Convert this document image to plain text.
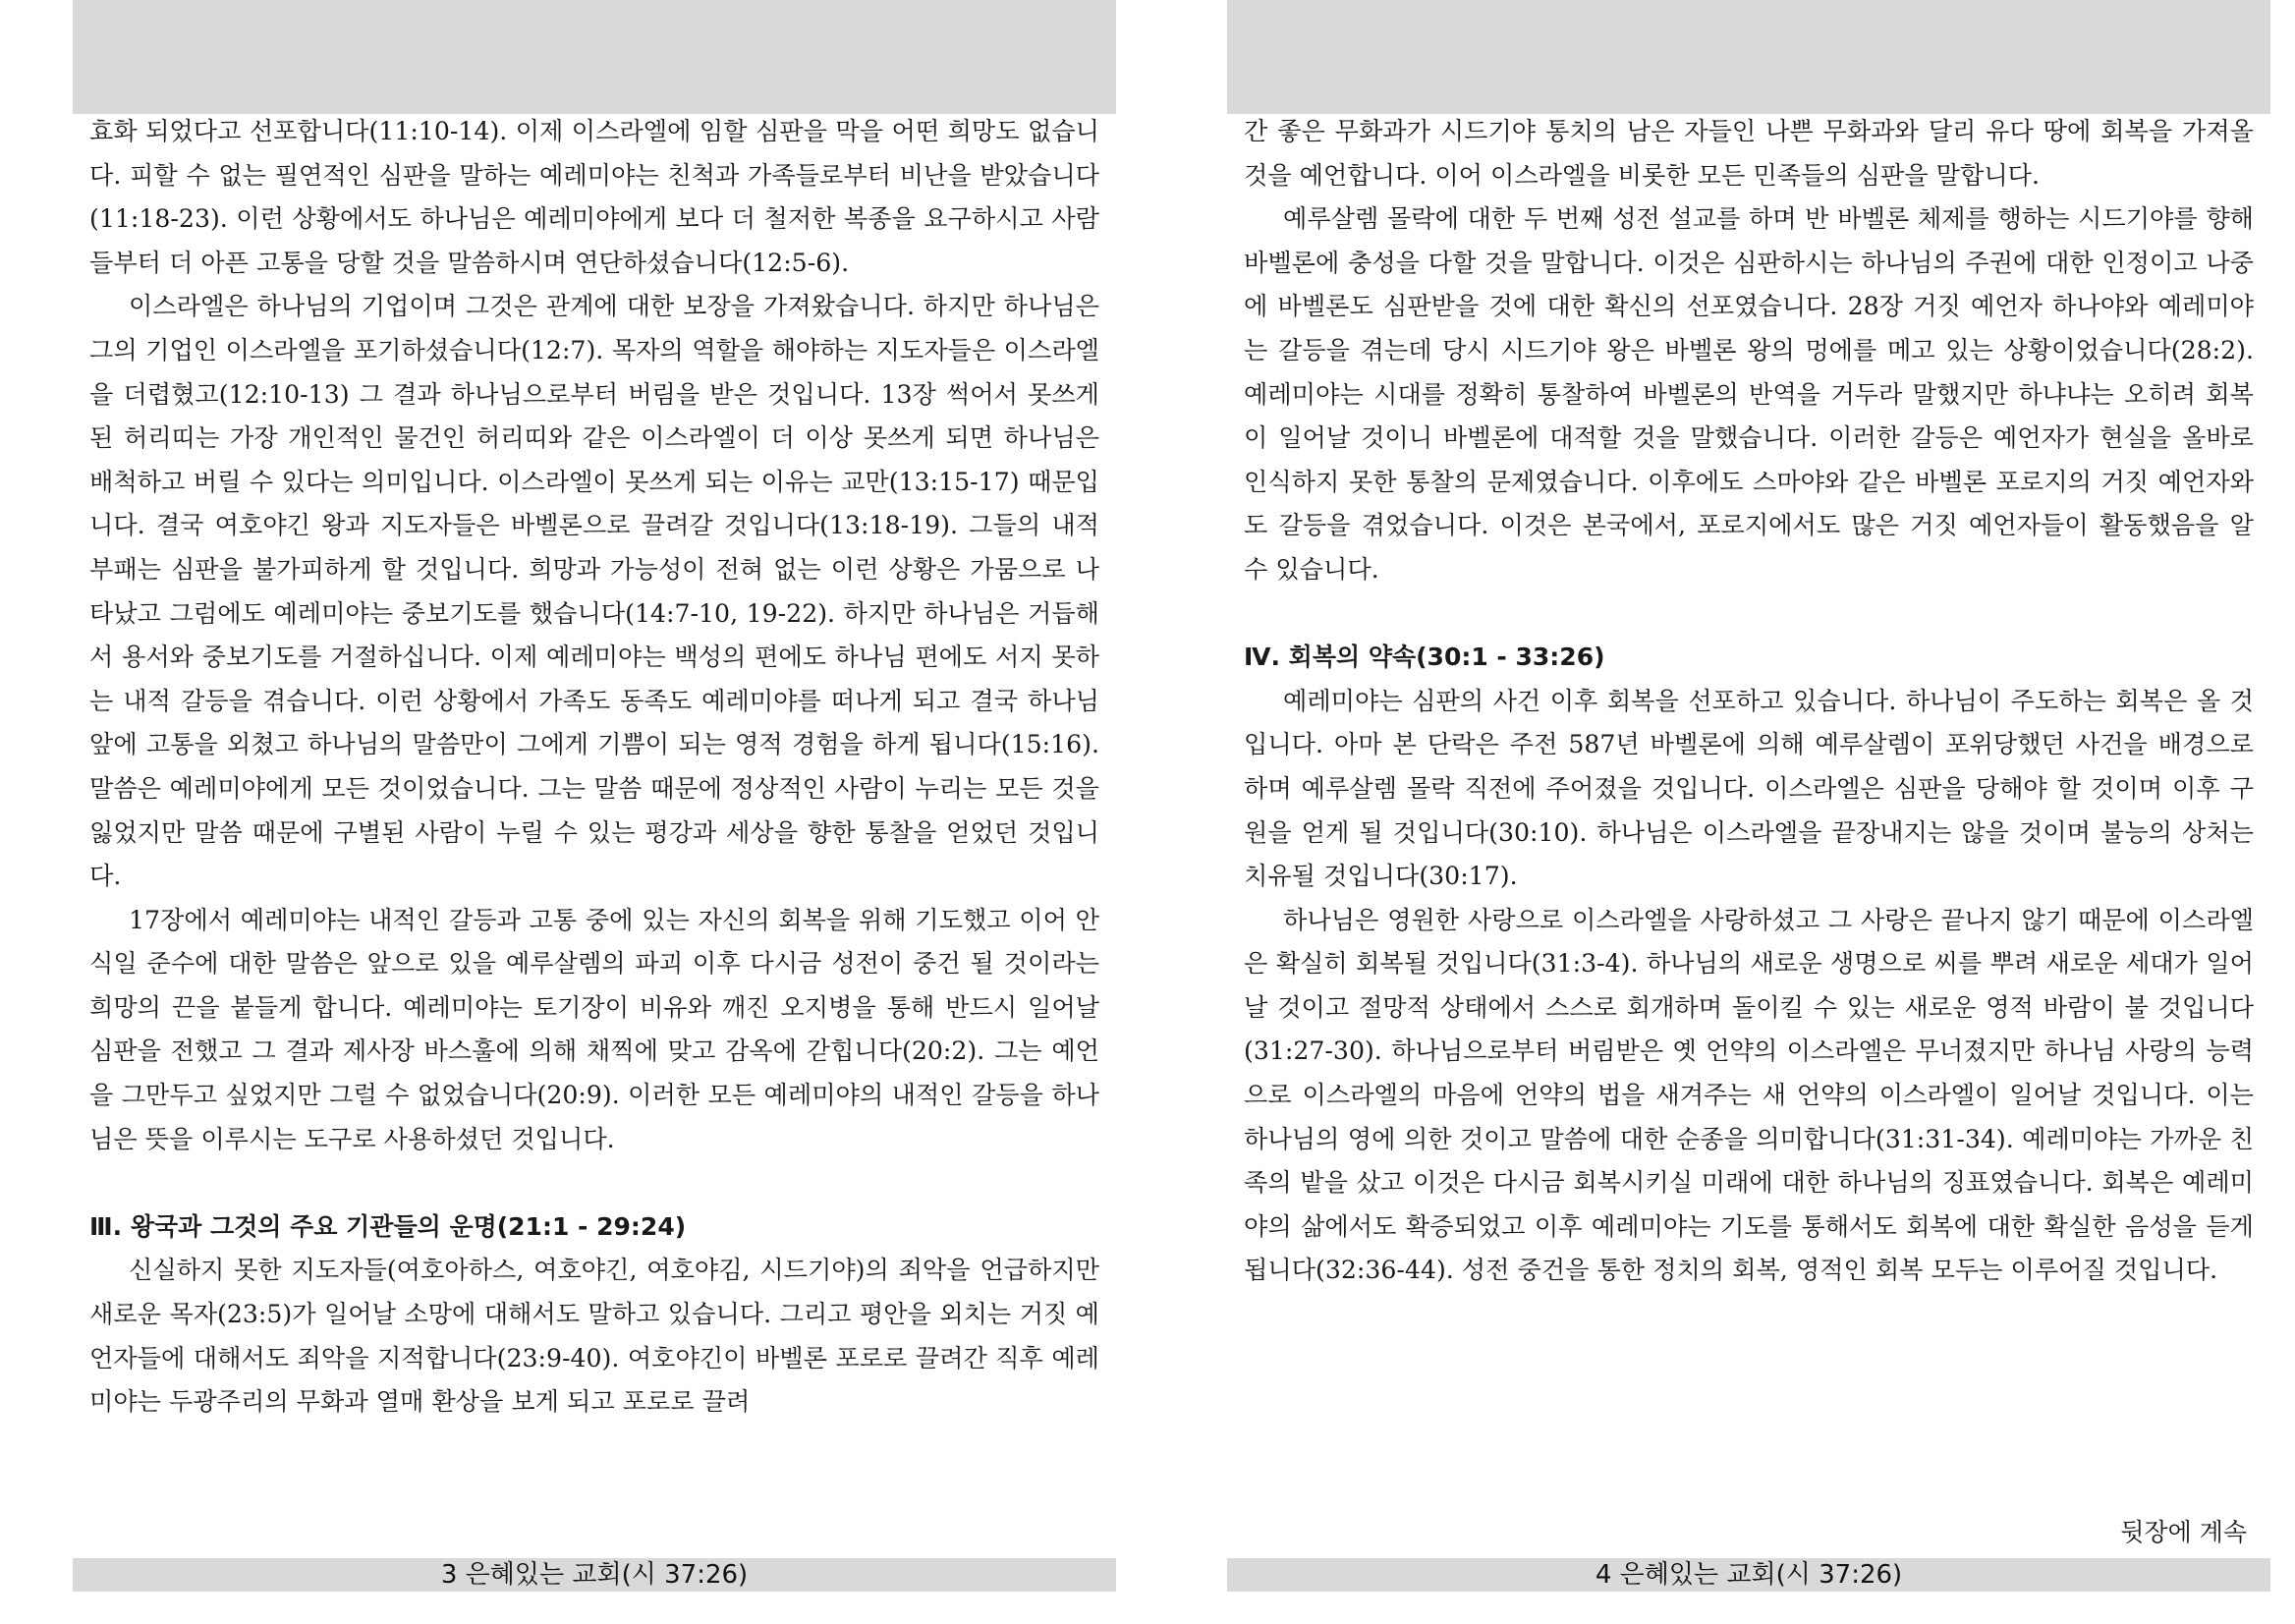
효화 되었다고 선포합니다(11:10-14). 이제 이스라엘에 임할 심판을 막을 어떤 희망도 없습니다. 피할 수 없는 필연적인 심판을 말하는 예레미야는 친척과 가족들로부터 비난을 받았습니다(11:18-23). 이런 상황에서도 하나님은 예레미야에게 보다 더 철저한 복종을 요구하시고 사람들부터 더 아픈 고통을 당할 것을 말씀하시며 연단하셨습니다(12:5-6).

이스라엘은 하나님의 기업이며 그것은 관계에 대한 보장을 가져왔습니다. 하지만 하나님은 그의 기업인 이스라엘을 포기하셨습니다(12:7). 목자의 역할을 해야하는 지도자들은 이스라엘을 더렵혔고(12:10-13) 그 결과 하나님으로부터 버림을 받은 것입니다. 13장 썩어서 못쓰게 된 허리띠는 가장 개인적인 물건인 허리띠와 같은 이스라엘이 더 이상 못쓰게 되면 하나님은 배척하고 버릴 수 있다는 의미입니다. 이스라엘이 못쓰게 되는 이유는 교만(13:15-17) 때문입니다. 결국 여호야긴 왕과 지도자들은 바벨론으로 끌려갈 것입니다(13:18-19). 그들의 내적 부패는 심판을 불가피하게 할 것입니다. 희망과 가능성이 전혀 없는 이런 상황은 가뭄으로 나타났고 그럼에도 예레미야는 중보기도를 했습니다(14:7-10, 19-22). 하지만 하나님은 거듭해서 용서와 중보기도를 거절하십니다. 이제 예레미야는 백성의 편에도 하나님 편에도 서지 못하는 내적 갈등을 겪습니다. 이런 상황에서 가족도 동족도 예레미야를 떠나게 되고 결국 하나님 앞에 고통을 외쳤고 하나님의 말씀만이 그에게 기쁨이 되는 영적 경험을 하게 됩니다(15:16). 말씀은 예레미야에게 모든 것이었습니다. 그는 말씀 때문에 정상적인 사람이 누리는 모든 것을 잃었지만 말씀 때문에 구별된 사람이 누릴 수 있는 평강과 세상을 향한 통찰을 얻었던 것입니다.

17장에서 예레미야는 내적인 갈등과 고통 중에 있는 자신의 회복을 위해 기도했고 이어 안식일 준수에 대한 말씀은 앞으로 있을 예루살렘의 파괴 이후 다시금 성전이 중건 될 것이라는 희망의 끈을 붙들게 합니다. 예레미야는 토기장이 비유와 깨진 오지병을 통해 반드시 일어날 심판을 전했고 그 결과 제사장 바스훌에 의해 채찍에 맞고 감옥에 갇힙니다(20:2). 그는 예언을 그만두고 싶었지만 그럴 수 없었습니다(20:9). 이러한 모든 예레미야의 내적인 갈등을 하나님은 뜻을 이루시는 도구로 사용하셨던 것입니다.

Ⅲ. 왕국과 그것의 주요 기관들의 운명(21:1 - 29:24)

신실하지 못한 지도자들(여호아하스, 여호야긴, 여호야김, 시드기야)의 죄악을 언급하지만 새로운 목자(23:5)가 일어날 소망에 대해서도 말하고 있습니다. 그리고 평안을 외치는 거짓 예언자들에 대해서도 죄악을 지적합니다(23:9-40). 여호야긴이 바벨론 포로로 끌려간 직후 예레미야는 두광주리의 무화과 열매 환상을 보게 되고 포로로 끌려

3 은혜있는 교회(시 37:26)

간 좋은 무화과가 시드기야 통치의 남은 자들인 나쁜 무화과와 달리 유다 땅에 회복을 가져올 것을 예언합니다. 이어 이스라엘을 비롯한 모든 민족들의 심판을 말합니다.

예루살렘 몰락에 대한 두 번째 성전 설교를 하며 반 바벨론 체제를 행하는 시드기야를 향해 바벨론에 충성을 다할 것을 말합니다. 이것은 심판하시는 하나님의 주권에 대한 인정이고 나중에 바벨론도 심판받을 것에 대한 확신의 선포였습니다. 28장 거짓 예언자 하나야와 예레미야는 갈등을 겪는데 당시 시드기야 왕은 바벨론 왕의 멍에를 메고 있는 상황이었습니다(28:2). 예레미야는 시대를 정확히 통찰하여 바벨론의 반역을 거두라 말했지만 하냐냐는 오히려 회복이 일어날 것이니 바벨론에 대적할 것을 말했습니다. 이러한 갈등은 예언자가 현실을 올바로 인식하지 못한 통찰의 문제였습니다. 이후에도 스마야와 같은 바벨론 포로지의 거짓 예언자와도 갈등을 겪었습니다. 이것은 본국에서, 포로지에서도 많은 거짓 예언자들이 활동했음을 알 수 있습니다.

Ⅳ. 회복의 약속(30:1 - 33:26)

예레미야는 심판의 사건 이후 회복을 선포하고 있습니다. 하나님이 주도하는 회복은 올 것입니다. 아마 본 단락은 주전 587년 바벨론에 의해 예루살렘이 포위당했던 사건을 배경으로 하며 예루살렘 몰락 직전에 주어졌을 것입니다. 이스라엘은 심판을 당해야 할 것이며 이후 구원을 얻게 될 것입니다(30:10). 하나님은 이스라엘을 끝장내지는 않을 것이며 불능의 상처는 치유될 것입니다(30:17).

하나님은 영원한 사랑으로 이스라엘을 사랑하셨고 그 사랑은 끝나지 않기 때문에 이스라엘은 확실히 회복될 것입니다(31:3-4). 하나님의 새로운 생명으로 씨를 뿌려 새로운 세대가 일어날 것이고 절망적 상태에서 스스로 회개하며 돌이킬 수 있는 새로운 영적 바람이 불 것입니다(31:27-30). 하나님으로부터 버림받은 옛 언약의 이스라엘은 무너졌지만 하나님 사랑의 능력으로 이스라엘의 마음에 언약의 법을 새겨주는 새 언약의 이스라엘이 일어날 것입니다. 이는 하나님의 영에 의한 것이고 말씀에 대한 순종을 의미합니다(31:31-34). 예레미야는 가까운 친족의 밭을 샀고 이것은 다시금 회복시키실 미래에 대한 하나님의 징표였습니다. 회복은 예레미야의 삶에서도 확증되었고 이후 예레미야는 기도를 통해서도 회복에 대한 확실한 음성을 듣게 됩니다(32:36-44). 성전 중건을 통한 정치의 회복, 영적인 회복 모두는 이루어질 것입니다.

뒷장에 계속
4 은혜있는 교회(시 37:26)
